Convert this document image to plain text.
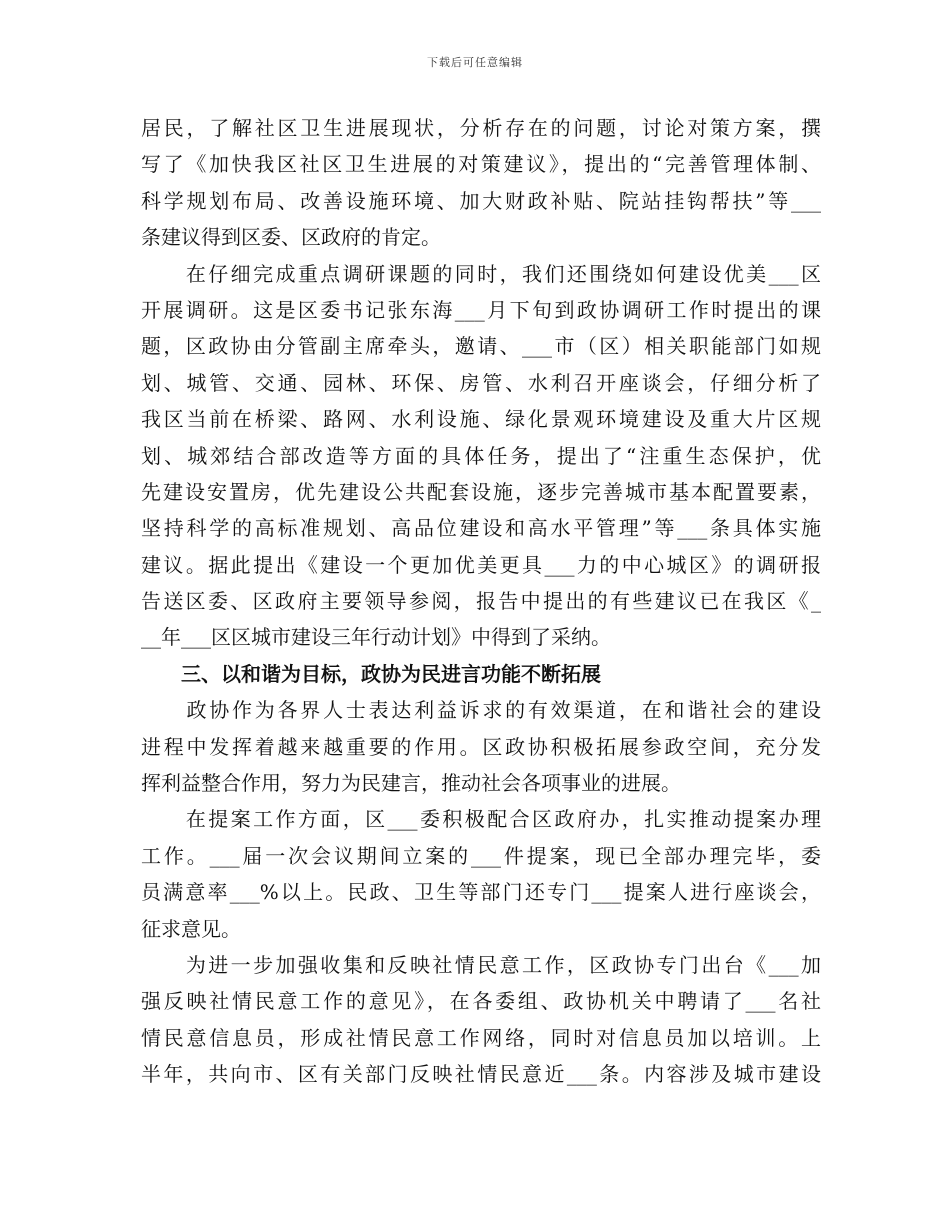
下载后可任意编辑
居民，了解社区卫生进展现状，分析存在的问题，讨论对策方案，撰
写了《加快我区社区卫生进展的对策建议》，提出的“完善管理体制、
科学规划布局、改善设施环境、加大财政补贴、院站挂钩帮扶”等___
条建议得到区委、区政府的肯定。
　　在仔细完成重点调研课题的同时，我们还围绕如何建设优美___区
开展调研。这是区委书记张东海___月下旬到政协调研工作时提出的课
题，区政协由分管副主席牵头，邀请、___市（区）相关职能部门如规
划、城管、交通、园林、环保、房管、水利召开座谈会，仔细分析了
我区当前在桥梁、路网、水利设施、绿化景观环境建设及重大片区规
划、城郊结合部改造等方面的具体任务，提出了“注重生态保护，优
先建设安置房，优先建设公共配套设施，逐步完善城市基本配置要素，
坚持科学的高标准规划、高品位建设和高水平管理”等___条具体实施
建议。据此提出《建设一个更加优美更具___力的中心城区》的调研报
告送区委、区政府主要领导参阅，报告中提出的有些建议已在我区《_
__年___区区城市建设三年行动计划》中得到了采纳。
　　三、以和谐为目标，政协为民进言功能不断拓展
　　政协作为各界人士表达利益诉求的有效渠道，在和谐社会的建设
进程中发挥着越来越重要的作用。区政协积极拓展参政空间，充分发
挥利益整合作用，努力为民建言，推动社会各项事业的进展。
　　在提案工作方面，区___委积极配合区政府办，扎实推动提案办理
工作。___届一次会议期间立案的___件提案，现已全部办理完毕，委
员满意率___%以上。民政、卫生等部门还专门___提案人进行座谈会，
征求意见。
　　为进一步加强收集和反映社情民意工作，区政协专门出台《___加
强反映社情民意工作的意见》，在各委组、政协机关中聘请了___名社
情民意信息员，形成社情民意工作网络，同时对信息员加以培训。上
半年，共向市、区有关部门反映社情民意近___条。内容涉及城市建设
